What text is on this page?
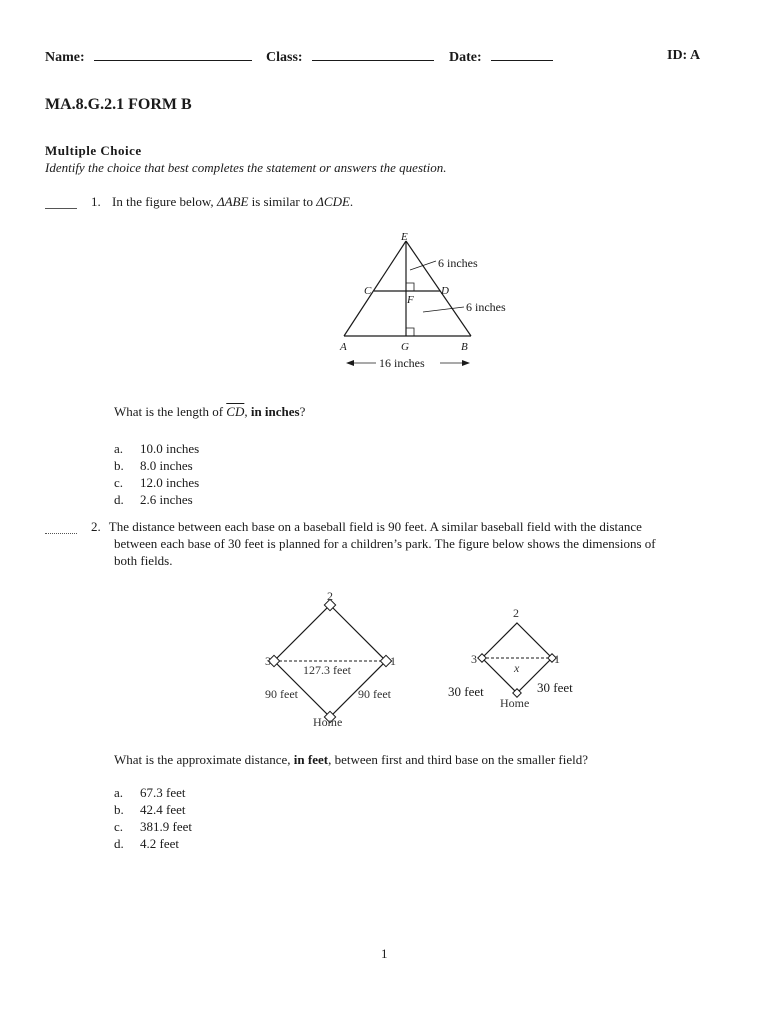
Name:	Class:	Date:	ID: A
MA.8.G.2.1 FORM B
Multiple Choice
Identify the choice that best completes the statement or answers the question.
1. In the figure below, ΔABE is similar to ΔCDE.
E
C	D
F
A	G	B
6 inches
6 inches
16 inches
What is the length of $\overline{CD}$, in inches?
a. 10.0 inches
b. 8.0 inches
c. 12.0 inches
d. 2.6 inches
2. The distance between each base on a baseball field is 90 feet. A similar baseball field with the distance
between each base of 30 feet is planned for a children’s park. The figure below shows the dimensions of
both fields.
2
3	1
Home
127.3 feet
90 feet	90 feet
2
3	1
Home
x
30 feet	30 feet
What is the approximate distance, in feet, between first and third base on the smaller field?
a. 67.3 feet
b. 42.4 feet
c. 381.9 feet
d. 4.2 feet
1
